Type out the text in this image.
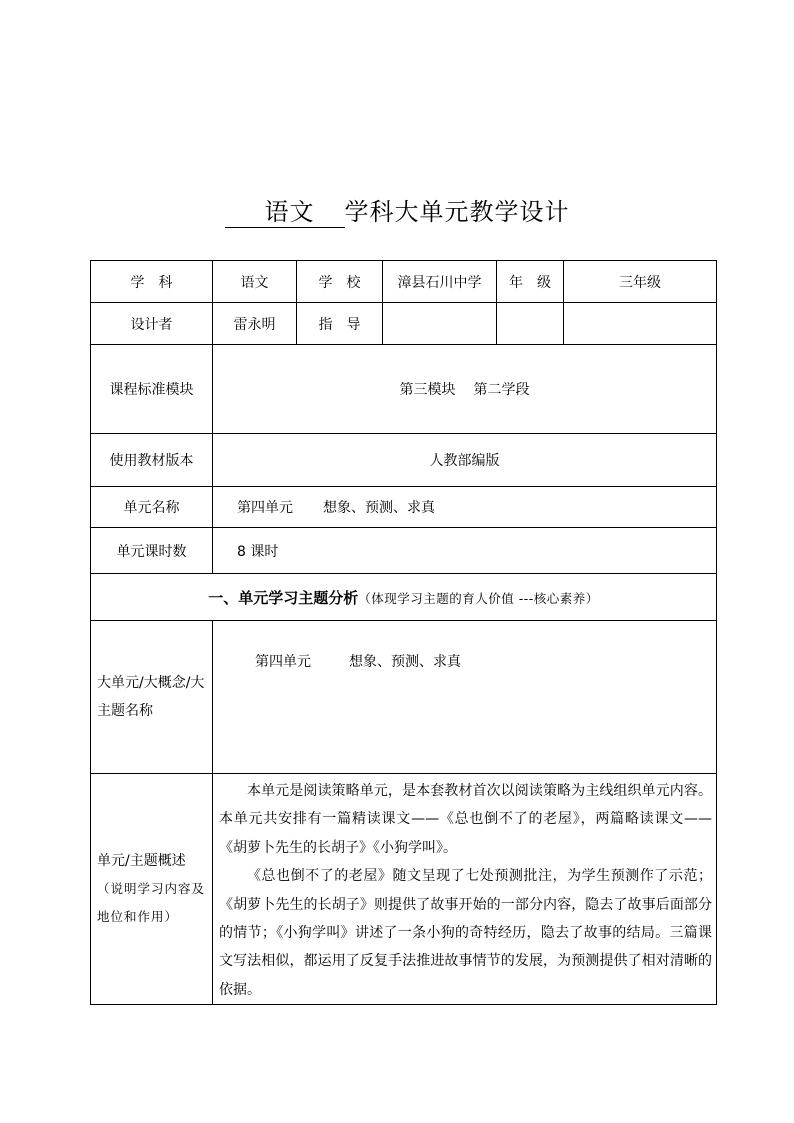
语文 学科大单元教学设计
学　科	语文	学　校	漳县石川中学	年　级	三年级
设计者	雷永明	指　导			
课程标准模块	第三模块 第二学段				
使用教材版本	人教部编版				
单元名称	第四单元 想象、预测、求真				
单元课时数	8 课时				
一、单元学习主题分析（体现学习主题的育人价值 ---核心素养）					
大单元/大概念/大主题名称	第四单元 想象、预测、求真				
单元/主题概述（说明学习内容及地位和作用）	本单元是阅读策略单元，是本套教材首次以阅读策略为主线组织单元内容。本单元共安排有一篇精读课文——《总也倒不了的老屋》，两篇略读课文——《胡萝卜先生的长胡子》《小狗学叫》。

《总也倒不了的老屋》随文呈现了七处预测批注，为学生预测作了示范；《胡萝卜先生的长胡子》则提供了故事开始的一部分内容，隐去了故事后面部分的情节；《小狗学叫》讲述了一条小狗的奇特经历，隐去了故事的结局。三篇课文写法相似，都运用了反复手法推进故事情节的发展，为预测提供了相对清晰的依据。				
